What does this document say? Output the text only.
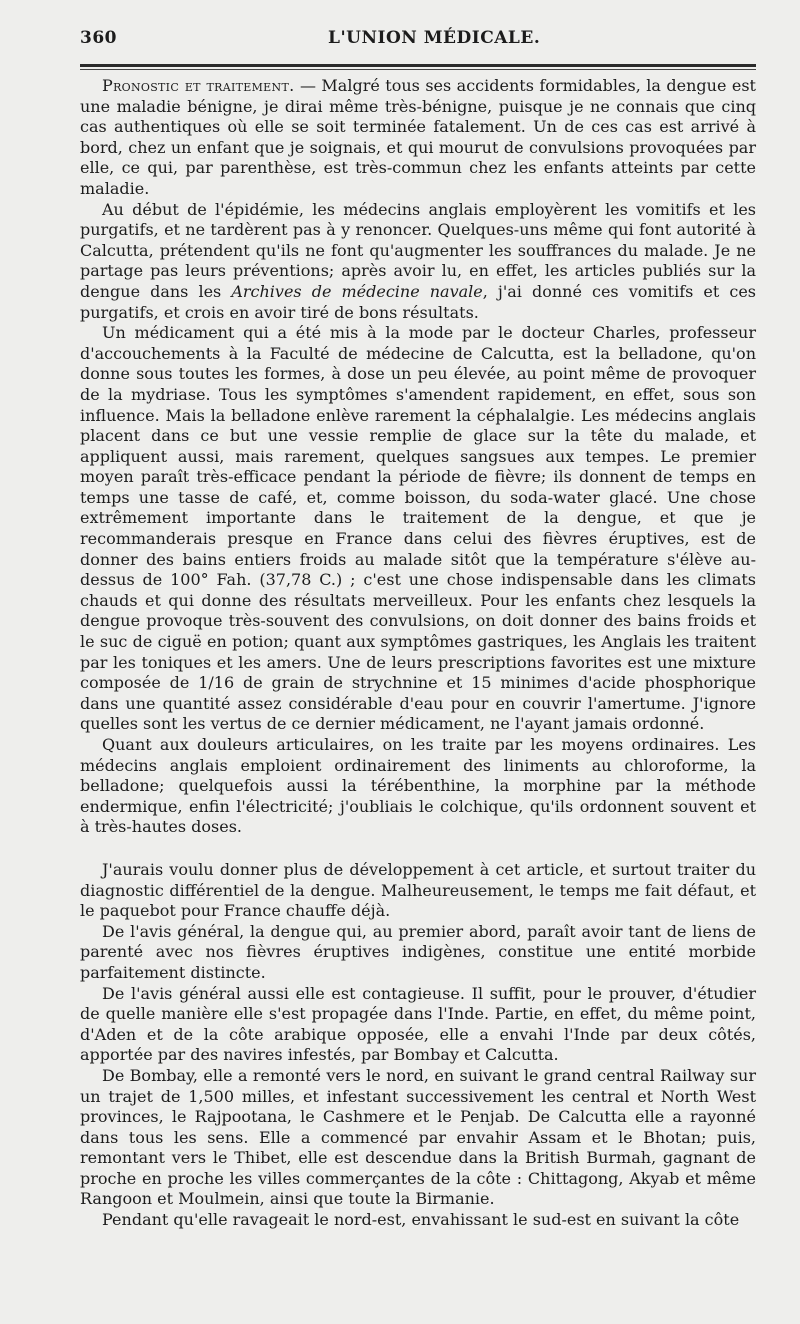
360	L'UNION MÉDICALE.

Pronostic et traitement. — Malgré tous ses accidents formidables, la dengue est une maladie bénigne, je dirai même très-bénigne, puisque je ne connais que cinq cas authentiques où elle se soit terminée fatalement. Un de ces cas est arrivé à bord, chez un enfant que je soignais, et qui mourut de convulsions provoquées par elle, ce qui, par parenthèse, est très-commun chez les enfants atteints par cette maladie.

Au début de l'épidémie, les médecins anglais employèrent les vomitifs et les purgatifs, et ne tardèrent pas à y renoncer. Quelques-uns même qui font autorité à Calcutta, prétendent qu'ils ne font qu'augmenter les souffrances du malade. Je ne partage pas leurs préventions; après avoir lu, en effet, les articles publiés sur la dengue dans les Archives de médecine navale, j'ai donné ces vomitifs et ces purgatifs, et crois en avoir tiré de bons résultats.

Un médicament qui a été mis à la mode par le docteur Charles, professeur d'accouchements à la Faculté de médecine de Calcutta, est la belladone, qu'on donne sous toutes les formes, à dose un peu élevée, au point même de provoquer de la mydriase. Tous les symptômes s'amendent rapidement, en effet, sous son influence. Mais la belladone enlève rarement la céphalalgie. Les médecins anglais placent dans ce but une vessie remplie de glace sur la tête du malade, et appliquent aussi, mais rarement, quelques sangsues aux tempes. Le premier moyen paraît très-efficace pendant la période de fièvre; ils donnent de temps en temps une tasse de café, et, comme boisson, du soda-water glacé. Une chose extrêmement importante dans le traitement de la dengue, et que je recommanderais presque en France dans celui des fièvres éruptives, est de donner des bains entiers froids au malade sitôt que la température s'élève au-dessus de 100° Fah. (37,78 C.) ; c'est une chose indispensable dans les climats chauds et qui donne des résultats merveilleux. Pour les enfants chez lesquels la dengue provoque très-souvent des convulsions, on doit donner des bains froids et le suc de ciguë en potion; quant aux symptômes gastriques, les Anglais les traitent par les toniques et les amers. Une de leurs prescriptions favorites est une mixture composée de 1/16 de grain de strychnine et 15 minimes d'acide phosphorique dans une quantité assez considérable d'eau pour en couvrir l'amertume. J'ignore quelles sont les vertus de ce dernier médicament, ne l'ayant jamais ordonné.

Quant aux douleurs articulaires, on les traite par les moyens ordinaires. Les médecins anglais emploient ordinairement des liniments au chloroforme, la belladone; quelquefois aussi la térébenthine, la morphine par la méthode endermique, enfin l'électricité; j'oubliais le colchique, qu'ils ordonnent souvent et à très-hautes doses.

J'aurais voulu donner plus de développement à cet article, et surtout traiter du diagnostic différentiel de la dengue. Malheureusement, le temps me fait défaut, et le paquebot pour France chauffe déjà.

De l'avis général, la dengue qui, au premier abord, paraît avoir tant de liens de parenté avec nos fièvres éruptives indigènes, constitue une entité morbide parfaitement distincte.

De l'avis général aussi elle est contagieuse. Il suffit, pour le prouver, d'étudier de quelle manière elle s'est propagée dans l'Inde. Partie, en effet, du même point, d'Aden et de la côte arabique opposée, elle a envahi l'Inde par deux côtés, apportée par des navires infestés, par Bombay et Calcutta.

De Bombay, elle a remonté vers le nord, en suivant le grand central Railway sur un trajet de 1,500 milles, et infestant successivement les central et North West provinces, le Rajpootana, le Cashmere et le Penjab. De Calcutta elle a rayonné dans tous les sens. Elle a commencé par envahir Assam et le Bhotan; puis, remontant vers le Thibet, elle est descendue dans la British Burmah, gagnant de proche en proche les villes commerçantes de la côte : Chittagong, Akyab et même Rangoon et Moulmein, ainsi que toute la Birmanie.

Pendant qu'elle ravageait le nord-est, envahissant le sud-est en suivant la côte
